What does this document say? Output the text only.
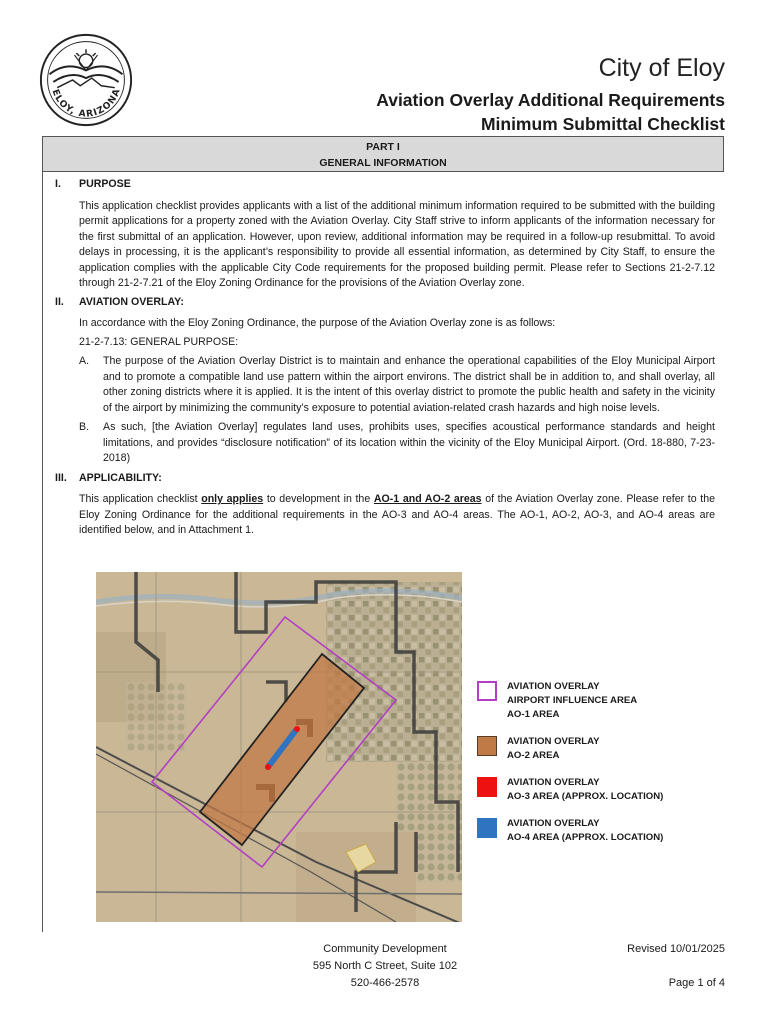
ELOY, ARIZONA
City of Eloy
Aviation Overlay Additional Requirements
Minimum Submittal Checklist
PART I
GENERAL INFORMATION
I.	PURPOSE
This application checklist provides applicants with a list of the additional minimum information required to be submitted with the building permit applications for a property zoned with the Aviation Overlay. City Staff strive to inform applicants of the information necessary for the first submittal of an application. However, upon review, additional information may be required in a follow-up resubmittal. To avoid delays in processing, it is the applicant’s responsibility to provide all essential information, as determined by City Staff, to ensure the application complies with the applicable City Code requirements for the proposed building permit. Please refer to Sections 21-2-7.12 through 21-2-7.21 of the Eloy Zoning Ordinance for the provisions of the Aviation Overlay zone.
II.	AVIATION OVERLAY:
In accordance with the Eloy Zoning Ordinance, the purpose of the Aviation Overlay zone is as follows:
21-2-7.13: GENERAL PURPOSE:
A.	The purpose of the Aviation Overlay District is to maintain and enhance the operational capabilities of the Eloy Municipal Airport and to promote a compatible land use pattern within the airport environs. The district shall be in addition to, and shall overlay, all other zoning districts where it is applied. It is the intent of this overlay district to promote the public health and safety in the vicinity of the airport by minimizing the community’s exposure to potential aviation-related crash hazards and high noise levels.
B.	As such, [the Aviation Overlay] regulates land uses, prohibits uses, specifies acoustical performance standards and height limitations, and provides “disclosure notification” of its location within the vicinity of the Eloy Municipal Airport. (Ord. 18-880, 7-23-2018)
III.	APPLICABILITY:
This application checklist only applies to development in the AO-1 and AO-2 areas of the Aviation Overlay zone. Please refer to the Eloy Zoning Ordinance for the additional requirements in the AO-3 and AO-4 areas. The AO-1, AO-2, AO-3, and AO-4 areas are identified below, and in Attachment 1.
AVIATION OVERLAY
AIRPORT INFLUENCE AREA
AO-1 AREA
AVIATION OVERLAY
AO-2 AREA
AVIATION OVERLAY
AO-3 AREA (APPROX. LOCATION)
AVIATION OVERLAY
AO-4 AREA (APPROX. LOCATION)
Community Development
595 North C Street, Suite 102
520-466-2578
Revised 10/01/2025
Page 1 of 4
